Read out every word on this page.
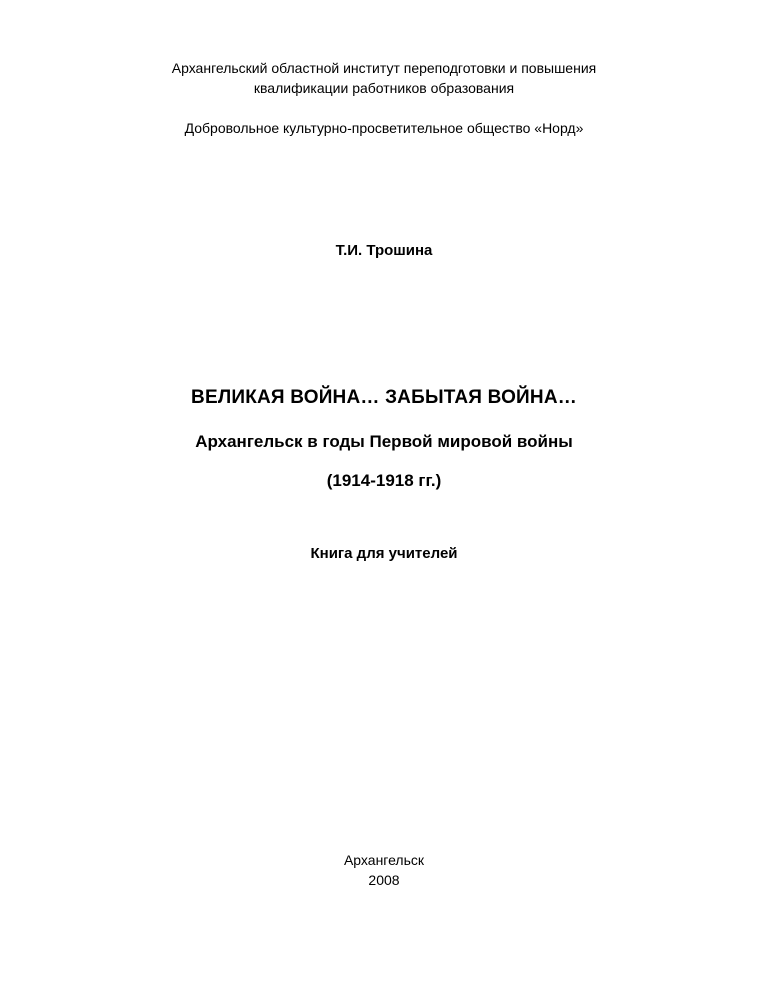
Архангельский областной институт переподготовки и повышения
квалификации работников образования
Добровольное культурно-просветительное общество «Норд»
Т.И. Трошина
ВЕЛИКАЯ ВОЙНА… ЗАБЫТАЯ ВОЙНА…
Архангельск в годы Первой мировой войны
(1914-1918 гг.)
Книга для учителей
Архангельск
2008
